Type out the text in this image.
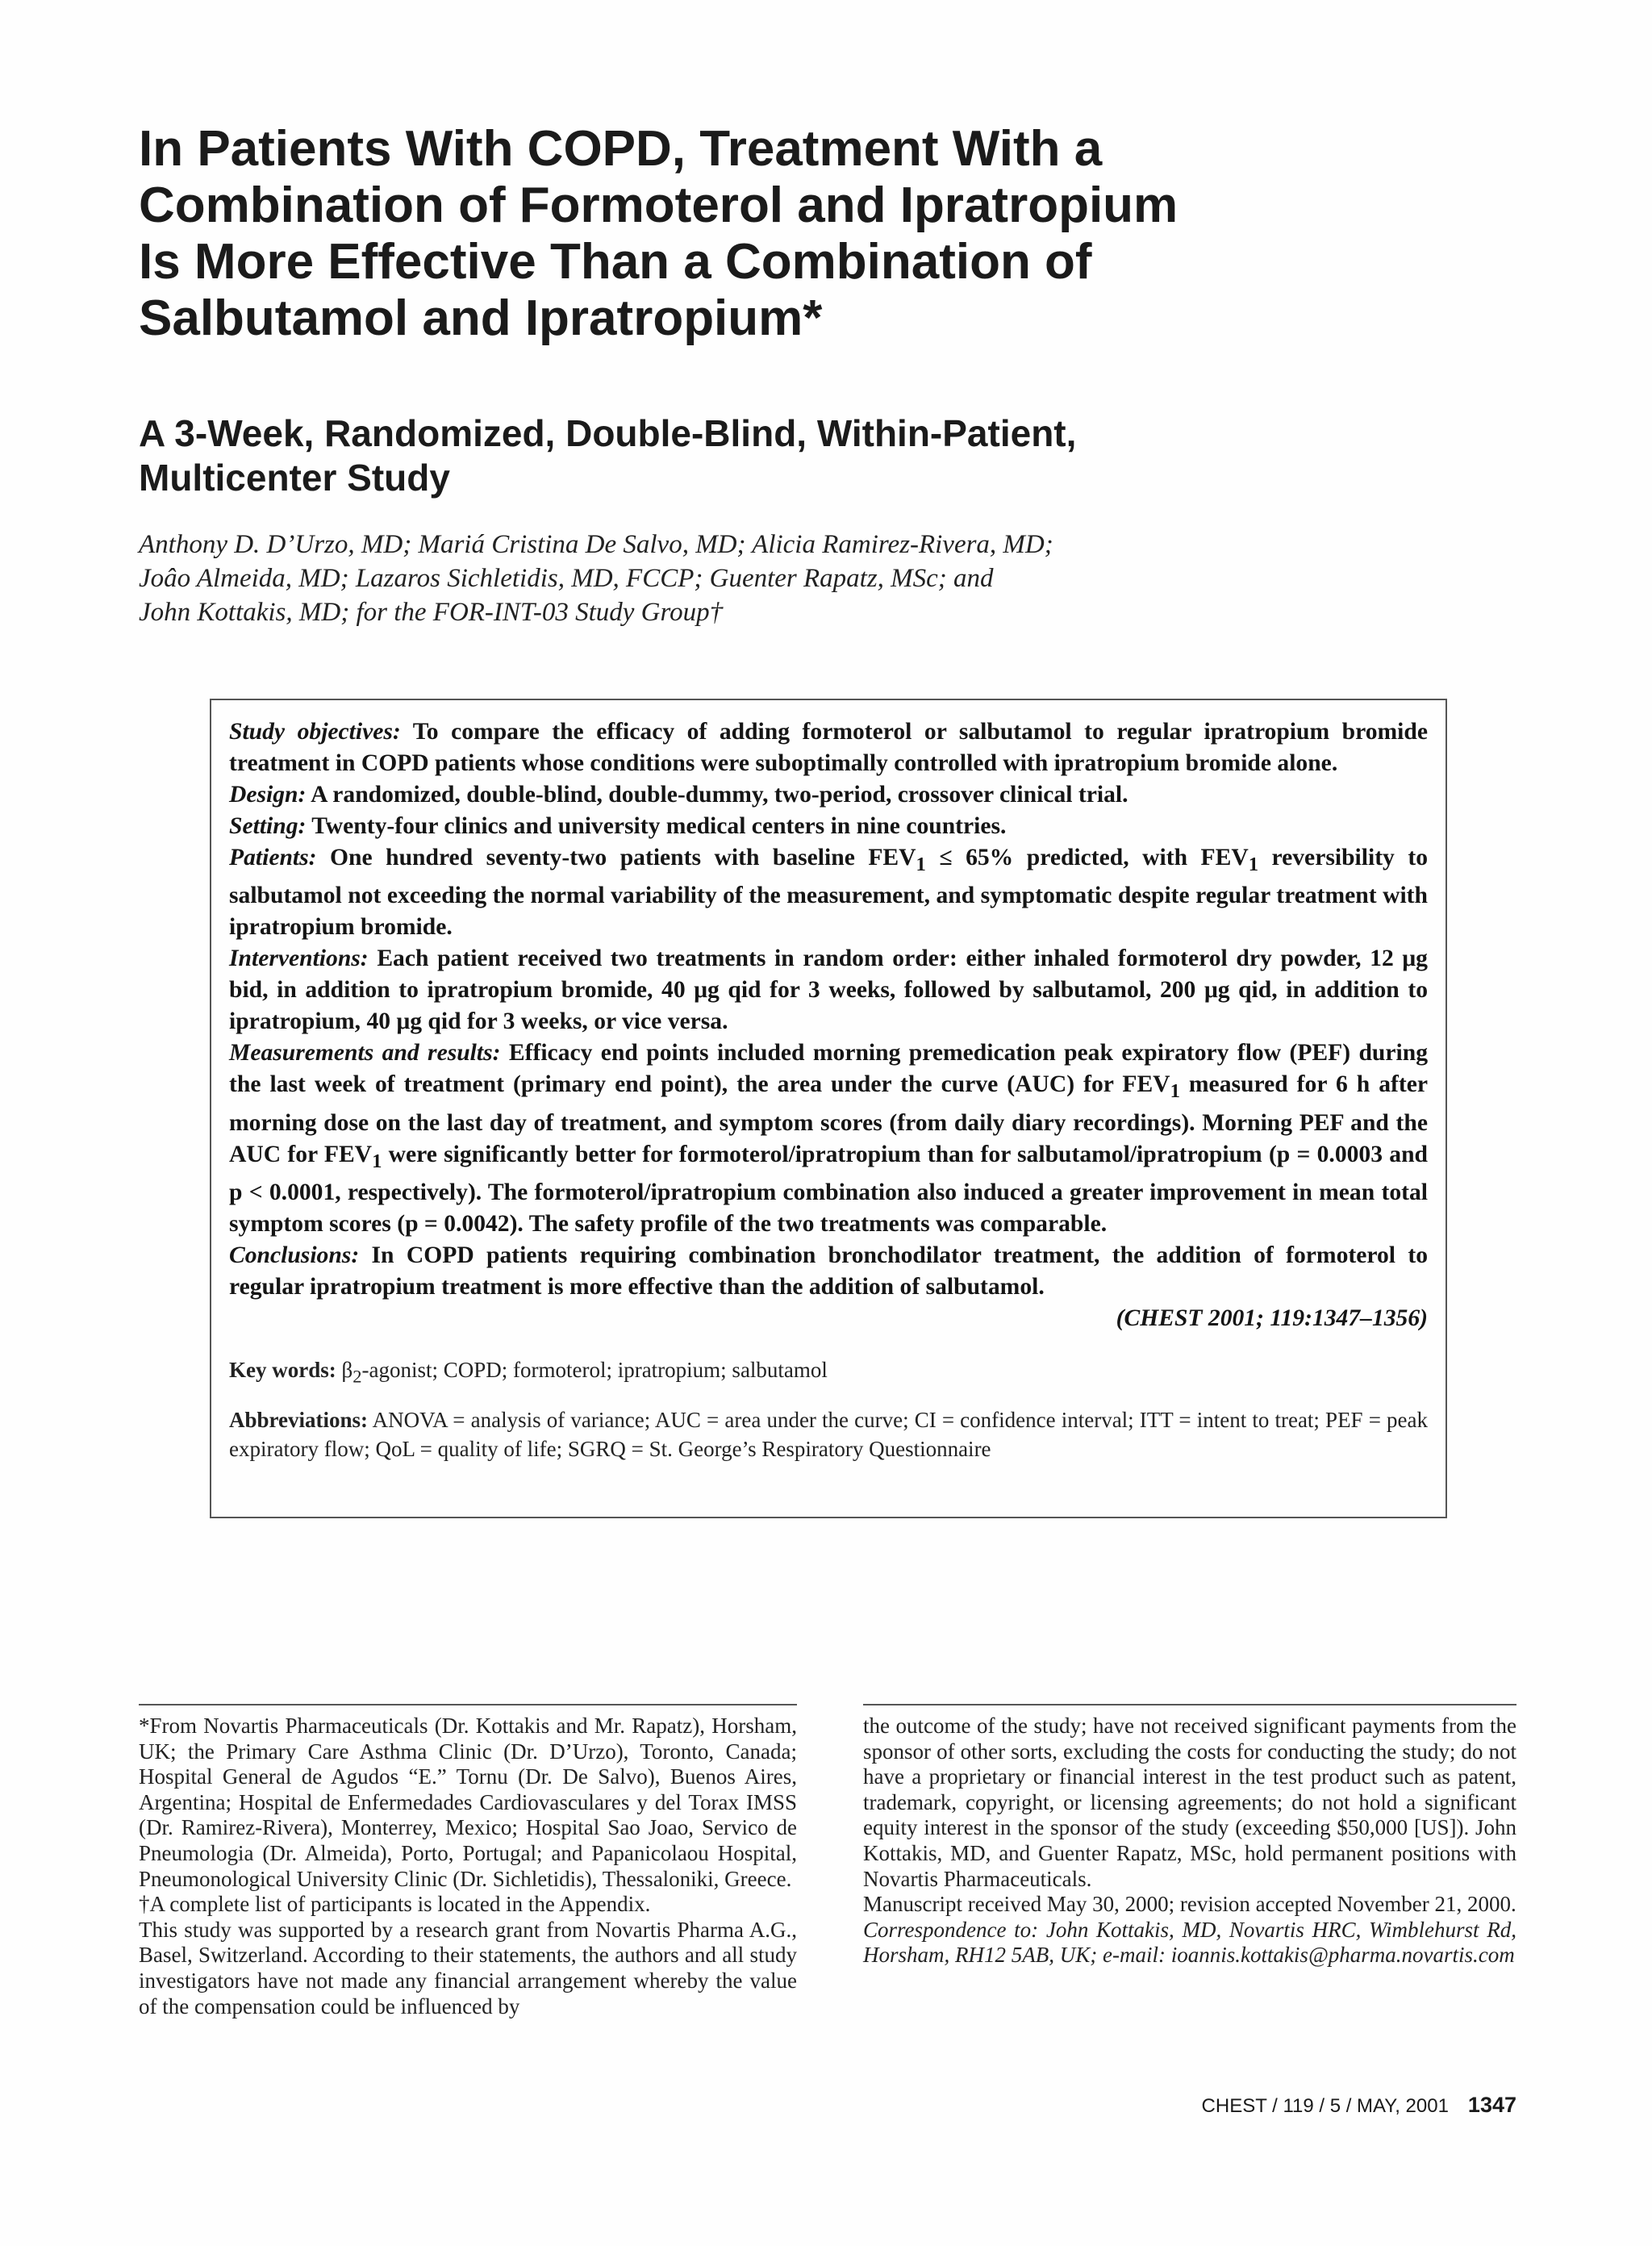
In Patients With COPD, Treatment With a Combination of Formoterol and Ipratropium Is More Effective Than a Combination of Salbutamol and Ipratropium*
A 3-Week, Randomized, Double-Blind, Within-Patient, Multicenter Study
Anthony D. D’Urzo, MD; Mariá Cristina De Salvo, MD; Alicia Ramirez-Rivera, MD;
Joâo Almeida, MD; Lazaros Sichletidis, MD, FCCP; Guenter Rapatz, MSc; and
John Kottakis, MD; for the FOR-INT-03 Study Group†

Study objectives: To compare the efficacy of adding formoterol or salbutamol to regular ipratropium bromide treatment in COPD patients whose conditions were suboptimally controlled with ipratropium bromide alone.

Design: A randomized, double-blind, double-dummy, two-period, crossover clinical trial.

Setting: Twenty-four clinics and university medical centers in nine countries.

Patients: One hundred seventy-two patients with baseline $FEV_1 \le 65\%$ predicted, with $FEV_1$ reversibility to salbutamol not exceeding the normal variability of the measurement, and symptomatic despite regular treatment with ipratropium bromide.

Interventions: Each patient received two treatments in random order: either inhaled formoterol dry powder, 12 μg bid, in addition to ipratropium bromide, 40 μg qid for 3 weeks, followed by salbutamol, 200 μg qid, in addition to ipratropium, 40 μg qid for 3 weeks, or vice versa.

Measurements and results: Efficacy end points included morning premedication peak expiratory flow (PEF) during the last week of treatment (primary end point), the area under the curve (AUC) for $FEV_1$ measured for 6 h after morning dose on the last day of treatment, and symptom scores (from daily diary recordings). Morning PEF and the AUC for $FEV_1$ were significantly better for formoterol/ipratropium than for salbutamol/ipratropium (p = 0.0003 and p < 0.0001, respectively). The formoterol/ipratropium combination also induced a greater improvement in mean total symptom scores (p = 0.0042). The safety profile of the two treatments was comparable.

Conclusions: In COPD patients requiring combination bronchodilator treatment, the addition of formoterol to regular ipratropium treatment is more effective than the addition of salbutamol.

(CHEST 2001; 119:1347–1356)

Key words: $\beta_2$-agonist; COPD; formoterol; ipratropium; salbutamol
Abbreviations: ANOVA = analysis of variance; AUC = area under the curve; CI = confidence interval; ITT = intent to treat; PEF = peak expiratory flow; QoL = quality of life; SGRQ = St. George’s Respiratory Questionnaire

*From Novartis Pharmaceuticals (Dr. Kottakis and Mr. Rapatz), Horsham, UK; the Primary Care Asthma Clinic (Dr. D’Urzo), Toronto, Canada; Hospital General de Agudos “E.” Tornu (Dr. De Salvo), Buenos Aires, Argentina; Hospital de Enfermedades Cardiovasculares y del Torax IMSS (Dr. Ramirez-Rivera), Monterrey, Mexico; Hospital Sao Joao, Servico de Pneumologia (Dr. Almeida), Porto, Portugal; and Papanicolaou Hospital, Pneumonological University Clinic (Dr. Sichletidis), Thessaloniki, Greece.

†A complete list of participants is located in the Appendix.

This study was supported by a research grant from Novartis Pharma A.G., Basel, Switzerland. According to their statements, the authors and all study investigators have not made any financial arrangement whereby the value of the compensation could be influenced by

the outcome of the study; have not received significant payments from the sponsor of other sorts, excluding the costs for conducting the study; do not have a proprietary or financial interest in the test product such as patent, trademark, copyright, or licensing agreements; do not hold a significant equity interest in the sponsor of the study (exceeding $50,000 [US]). John Kottakis, MD, and Guenter Rapatz, MSc, hold permanent positions with Novartis Pharmaceuticals.

Manuscript received May 30, 2000; revision accepted November 21, 2000.

Correspondence to: John Kottakis, MD, Novartis HRC, Wimblehurst Rd, Horsham, RH12 5AB, UK; e-mail: ioannis.kottakis@pharma.novartis.com

CHEST / 119 / 5 / MAY, 2001 1347
